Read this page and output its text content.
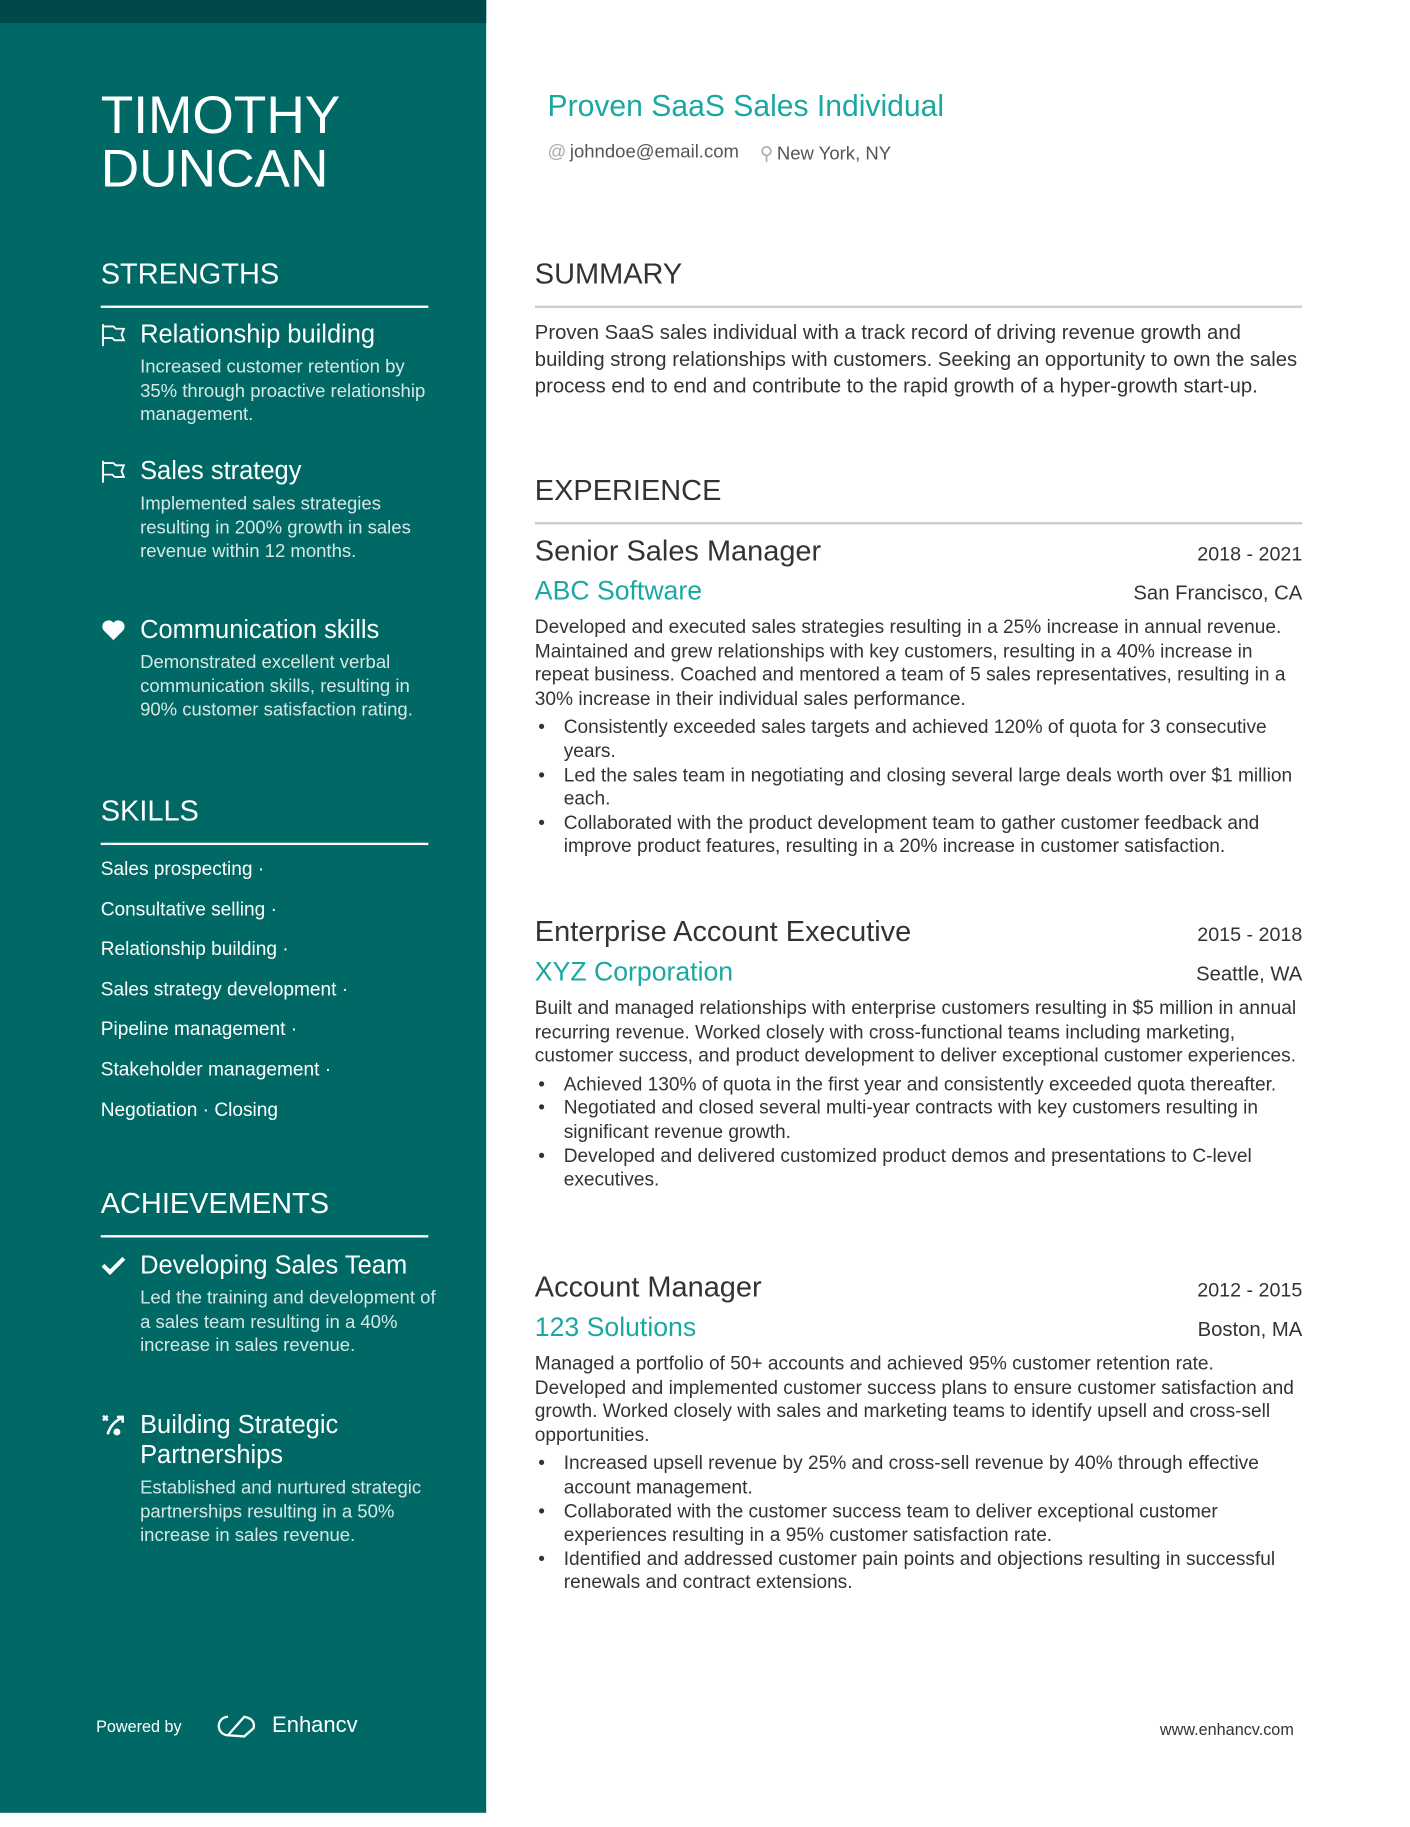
TIMOTHY
DUNCAN
STRENGTHS
Relationship building
Increased customer retention by 35% through proactive relationship management.
Sales strategy
Implemented sales strategies resulting in 200% growth in sales revenue within 12 months.
Communication skills
Demonstrated excellent verbal communication skills, resulting in 90% customer satisfaction rating.
SKILLS
Sales prospecting ·
Consultative selling ·
Relationship building ·
Sales strategy development ·
Pipeline management ·
Stakeholder management ·
Negotiation · Closing
ACHIEVEMENTS
Developing Sales Team
Led the training and development of a sales team resulting in a 40% increase in sales revenue.
Building Strategic Partnerships
Established and nurtured strategic partnerships resulting in a 50% increase in sales revenue.
Powered by	Enhancv
Proven SaaS Sales Individual
@ johndoe@email.com ⚲ New York, NY
SUMMARY
Proven SaaS sales individual with a track record of driving revenue growth and building strong relationships with customers. Seeking an opportunity to own the sales process end to end and contribute to the rapid growth of a hyper-growth start-up.
EXPERIENCE
Senior Sales Manager	2018 - 2021
ABC Software	San Francisco, CA
Developed and executed sales strategies resulting in a 25% increase in annual revenue. Maintained and grew relationships with key customers, resulting in a 40% increase in repeat business. Coached and mentored a team of 5 sales representatives, resulting in a 30% increase in their individual sales performance.
• Consistently exceeded sales targets and achieved 120% of quota for 3 consecutive years.
• Led the sales team in negotiating and closing several large deals worth over $1 million each.
• Collaborated with the product development team to gather customer feedback and improve product features, resulting in a 20% increase in customer satisfaction.
Enterprise Account Executive	2015 - 2018
XYZ Corporation	Seattle, WA
Built and managed relationships with enterprise customers resulting in $5 million in annual recurring revenue. Worked closely with cross-functional teams including marketing, customer success, and product development to deliver exceptional customer experiences.
• Achieved 130% of quota in the first year and consistently exceeded quota thereafter.
• Negotiated and closed several multi-year contracts with key customers resulting in significant revenue growth.
• Developed and delivered customized product demos and presentations to C-level executives.
Account Manager	2012 - 2015
123 Solutions	Boston, MA
Managed a portfolio of 50+ accounts and achieved 95% customer retention rate. Developed and implemented customer success plans to ensure customer satisfaction and growth. Worked closely with sales and marketing teams to identify upsell and cross-sell opportunities.
• Increased upsell revenue by 25% and cross-sell revenue by 40% through effective account management.
• Collaborated with the customer success team to deliver exceptional customer experiences resulting in a 95% customer satisfaction rate.
• Identified and addressed customer pain points and objections resulting in successful renewals and contract extensions.
www.enhancv.com
